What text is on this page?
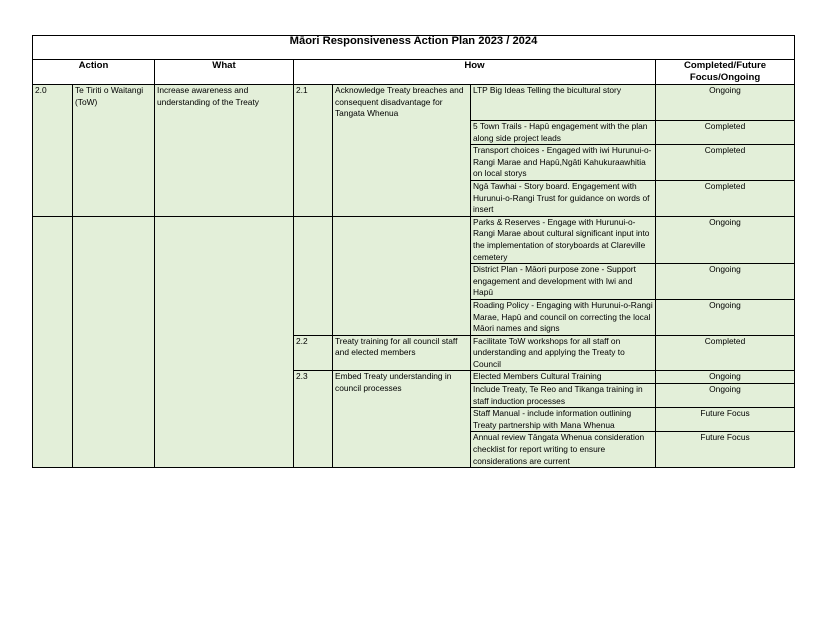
Māori Responsiveness Action Plan 2023 / 2024						
Action		What	How			Completed/Future Focus/Ongoing
2.0	Te Tiriti o Waitangi (ToW)	Increase awareness and understanding of the Treaty	2.1	Acknowledge Treaty breaches and consequent disadvantage for Tangata Whenua	LTP Big Ideas Telling the bicultural story	Ongoing
					5 Town Trails - Hapū engagement with the plan along side project leads	Completed
					Transport choices - Engaged with iwi Hurunui-o-Rangi Marae and Hapū,Ngāti Kahukuraawhitia on local storys	Completed
					Ngā Tawhai - Story board. Engagement with Hurunui-o-Rangi Trust for guidance on words of insert	Completed
					Parks & Reserves - Engage with Hurunui-o-Rangi Marae about cultural significant input into the implementation of storyboards at Clareville cemetery	Ongoing
					District Plan - Māori purpose zone - Support engagement and development with Iwi and Hapū	Ongoing
					Roading Policy - Engaging with Hurunui-o-Rangi Marae, Hapū and council on correcting the local Māori names and signs	Ongoing
			2.2	Treaty training for all council staff and elected members	Facilitate ToW workshops for all staff on understanding and applying the Treaty to Council	Completed
			2.3	Embed Treaty understanding in council processes	Elected Members Cultural Training	Ongoing
					Include Treaty, Te Reo and Tikanga training in staff induction processes	Ongoing
					Staff Manual - include information outlining Treaty partnership with Mana Whenua	Future Focus
					Annual review Tāngata Whenua consideration checklist for report writing to ensure considerations are current	Future Focus
